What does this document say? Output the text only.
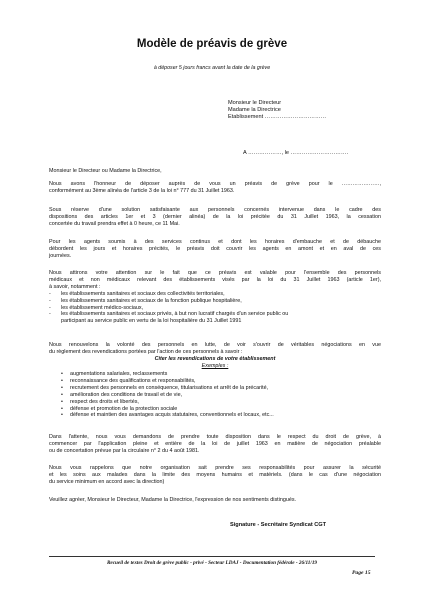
Modèle de préavis de grève
à déposer 5 jours francs avant la date de la grève
Monsieur le Directeur
Madame la Directrice
Etablissement ……………………………
A ………………, le ………………………….
Monsieur le Directeur ou Madame la Directrice,
Nous avons l'honneur de déposer auprès de vous un préavis de grève pour le …………………,
conformément au 3ème alinéa de l'article 3 de la loi n° 777 du 31 Juillet 1963.
Sous réserve d'une solution satisfaisante aux personnels concernés intervenue dans le cadre des
dispositions des articles 1er et 3 (dernier alinéa) de la loi précitée du 31 Juillet 1963, la cessation
concertée du travail prendra effet à 0 heure, ce 11 Mai.
Pour les agents soumis à des services continus et dont les horaires d'embauche et de débauche
débordent les jours et horaires précités, le préavis doit couvrir les agents en amont et en aval de ces
journées.
Nous attirons votre attention sur le fait que ce préavis est valable pour l'ensemble des personnels
médicaux et non médicaux relevant des établissements visés par la loi du 31 Juillet 1963 (article 1er),
à savoir, notamment :
- les établissements sanitaires et sociaux des collectivités territoriales,
- les établissements sanitaires et sociaux de la fonction publique hospitalière,
- les établissement médico-sociaux,
- les établissements sanitaires et sociaux privés, à but non lucratif chargés d'un service public ou
participant au service public en vertu de la loi hospitalière du 31 Juillet 1991
Nous renouvelons la volonté des personnels en lutte, de voir s'ouvrir de véritables négociations en vue
du règlement des revendications portées par l'action de ces personnels à savoir :
Citer les revendications de votre établissement
Exemples :
• augmentations salariales, reclassements
• reconnaissance des qualifications et responsabilités,
• recrutement des personnels en conséquence, titularisations et arrêt de la précarité,
• amélioration des conditions de travail et de vie,
• respect des droits et libertés,
• défense et promotion de la protection sociale
• défense et maintien des avantages acquis statutaires, conventionnels et locaux, etc...
Dans l'attente, nous vous demandons de prendre toute disposition dans le respect du droit de grève, à
commencer par l'application pleine et entière de la loi de juillet 1963 en matière de négociation préalable
ou de concertation prévue par la circulaire n° 2 du 4 août 1981.
Nous vous rappelons que notre organisation sait prendre ses responsabilités pour assurer la sécurité
et les soins aux malades dans la limite des moyens humains et matériels. (dans le cas d'une négociation
du service minimum en accord avec la direction)
Veuillez agréer, Monsieur le Directeur, Madame la Directrice, l'expression de nos sentiments distingués.
Signature - Secrétaire Syndicat CGT
Recueil de textes Droit de grève public - privé - Secteur LDAJ - Documentation fédérale - 26/11/19
Page 15
